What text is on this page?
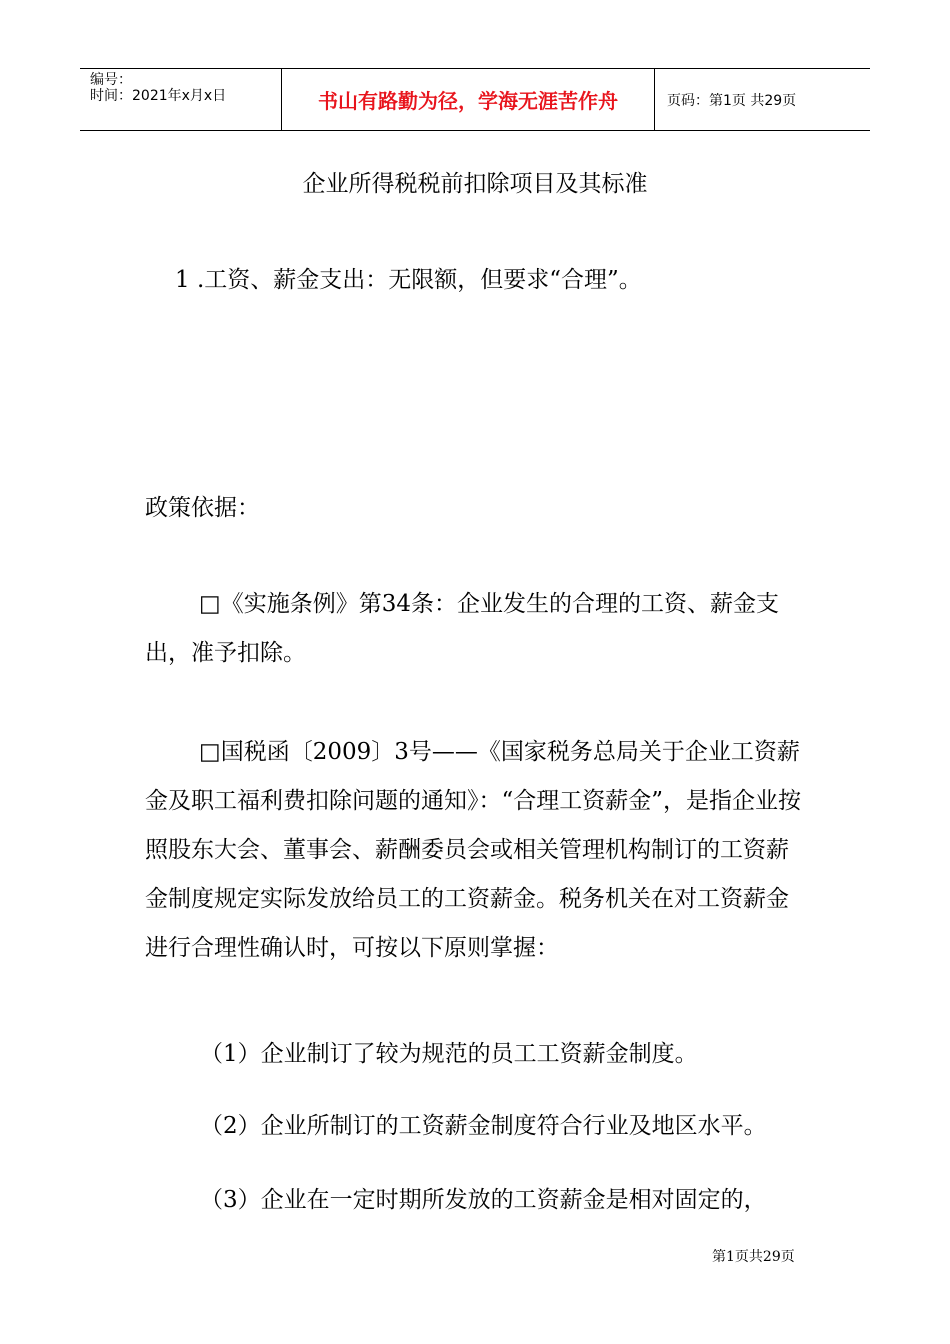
编号：
时间：2021年x月x日	书山有路勤为径，学海无涯苦作舟	页码：第1页 共29页
企业所得税税前扣除项目及其标准
1 .工资、薪金支出：无限额，但要求“合理”。
政策依据：
□《实施条例》第34条：企业发生的合理的工资、薪金支出，准予扣除。
□国税函〔2009〕3号——《国家税务总局关于企业工资薪金及职工福利费扣除问题的通知》：“合理工资薪金”，是指企业按照股东大会、董事会、薪酬委员会或相关管理机构制订的工资薪金制度规定实际发放给员工的工资薪金。税务机关在对工资薪金进行合理性确认时，可按以下原则掌握：
（1）企业制订了较为规范的员工工资薪金制度。
（2）企业所制订的工资薪金制度符合行业及地区水平。
（3）企业在一定时期所发放的工资薪金是相对固定的，
第1页共29页
